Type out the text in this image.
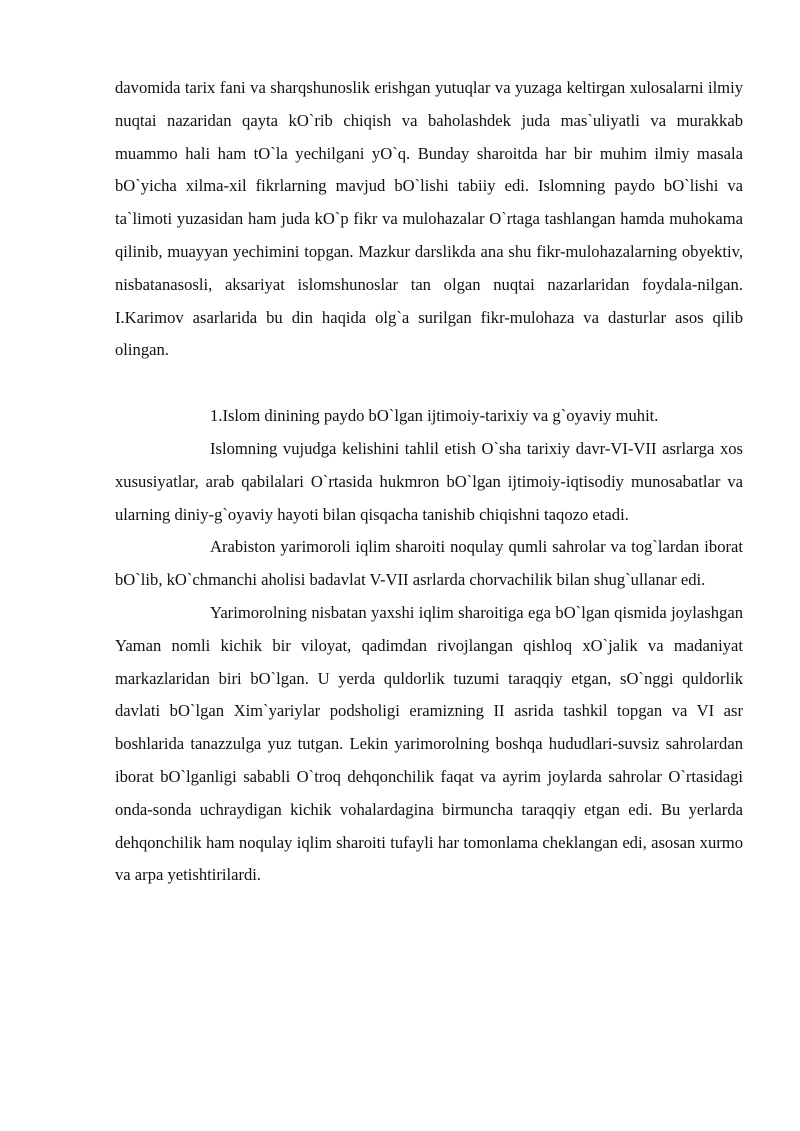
davomida tarix fani va sharqshunoslik erishgan yutuqlar va yuzaga keltirgan xulosalarni ilmiy nuqtai nazaridan qayta kO`rib chiqish va baholashdek juda mas`uliyatli va murakkab muammo hali ham tO`la yechilgani yO`q. Bunday sharoitda har bir muhim ilmiy masala bO`yicha xilma-xil fikrlarning mavjud bO`lishi tabiiy edi. Islomning paydo bO`lishi va ta`limoti yuzasidan ham juda kO`p fikr va mulohazalar O`rtaga tashlangan hamda muhokama qilinib, muayyan yechimini topgan. Mazkur darslikda ana shu fikr-mulohazalarning obyektiv, nisbatanasosli, aksariyat islomshunoslar tan olgan nuqtai nazarlaridan foydala-nilgan. I.Karimov asarlarida bu din haqida olg`a surilgan fikr-mulohaza va dasturlar asos qilib olingan.

1.Islom dinining paydo bO`lgan ijtimoiy-tarixiy va g`oyaviy muhit.

Islomning vujudga kelishini tahlil etish O`sha tarixiy davr-VI-VII asrlarga xos xususiyatlar, arab qabilalari O`rtasida hukmron bO`lgan ijtimoiy-iqtisodiy munosabatlar va ularning diniy-g`oyaviy hayoti bilan qisqacha tanishib chiqishni taqozo etadi.

Arabiston yarimoroli iqlim sharoiti noqulay qumli sahrolar va tog`lardan iborat bO`lib, kO`chmanchi aholisi badavlat V-VII asrlarda chorvachilik bilan shug`ullanar edi.

Yarimorolning nisbatan yaxshi iqlim sharoitiga ega bO`lgan qismida joylashgan Yaman nomli kichik bir viloyat, qadimdan rivojlangan qishloq xO`jalik va madaniyat markazlaridan biri bO`lgan. U yerda quldorlik tuzumi taraqqiy etgan, sO`nggi quldorlik davlati bO`lgan Xim`yariylar podsholigi eramizning II asrida tashkil topgan va VI asr boshlarida tanazzulga yuz tutgan. Lekin yarimorolning boshqa hududlari-suvsiz sahrolardan iborat bO`lganligi sababli O`troq dehqonchilik faqat va ayrim joylarda sahrolar O`rtasidagi onda-sonda uchraydigan kichik vohalardagina birmuncha taraqqiy etgan edi. Bu yerlarda dehqonchilik ham noqulay iqlim sharoiti tufayli har tomonlama cheklangan edi, asosan xurmo va arpa yetishtirilardi.
